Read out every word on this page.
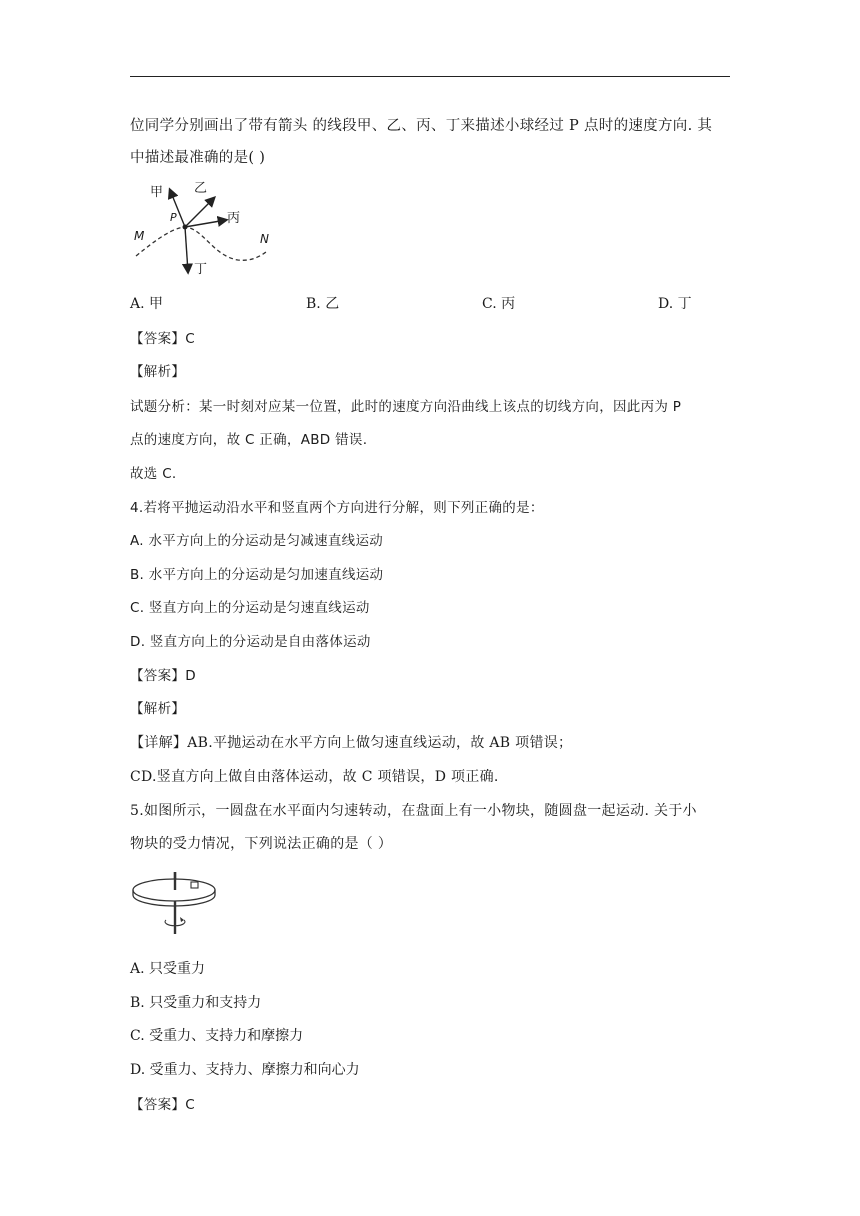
位同学分别画出了带有箭头 的线段甲、乙、丙、丁来描述小球经过 P 点时的速度方向. 其
中描述最准确的是( )
甲 乙
丙
丁
P
M	N
A. 甲	B. 乙	C. 丙	D. 丁
【答案】C
【解析】
试题分析：某一时刻对应某一位置，此时的速度方向沿曲线上该点的切线方向，因此丙为 P
点的速度方向，故 C 正确，ABD 错误.
故选 C.
4.若将平抛运动沿水平和竖直两个方向进行分解，则下列正确的是：
A. 水平方向上的分运动是匀减速直线运动
B. 水平方向上的分运动是匀加速直线运动
C. 竖直方向上的分运动是匀速直线运动
D. 竖直方向上的分运动是自由落体运动
【答案】D
【解析】
【详解】AB.平抛运动在水平方向上做匀速直线运动，故 AB 项错误；
CD.竖直方向上做自由落体运动，故 C 项错误，D 项正确.
5.如图所示，一圆盘在水平面内匀速转动，在盘面上有一小物块，随圆盘一起运动. 关于小
物块的受力情况，下列说法正确的是（ ）
A. 只受重力
B. 只受重力和支持力
C. 受重力、支持力和摩擦力
D. 受重力、支持力、摩擦力和向心力
【答案】C
